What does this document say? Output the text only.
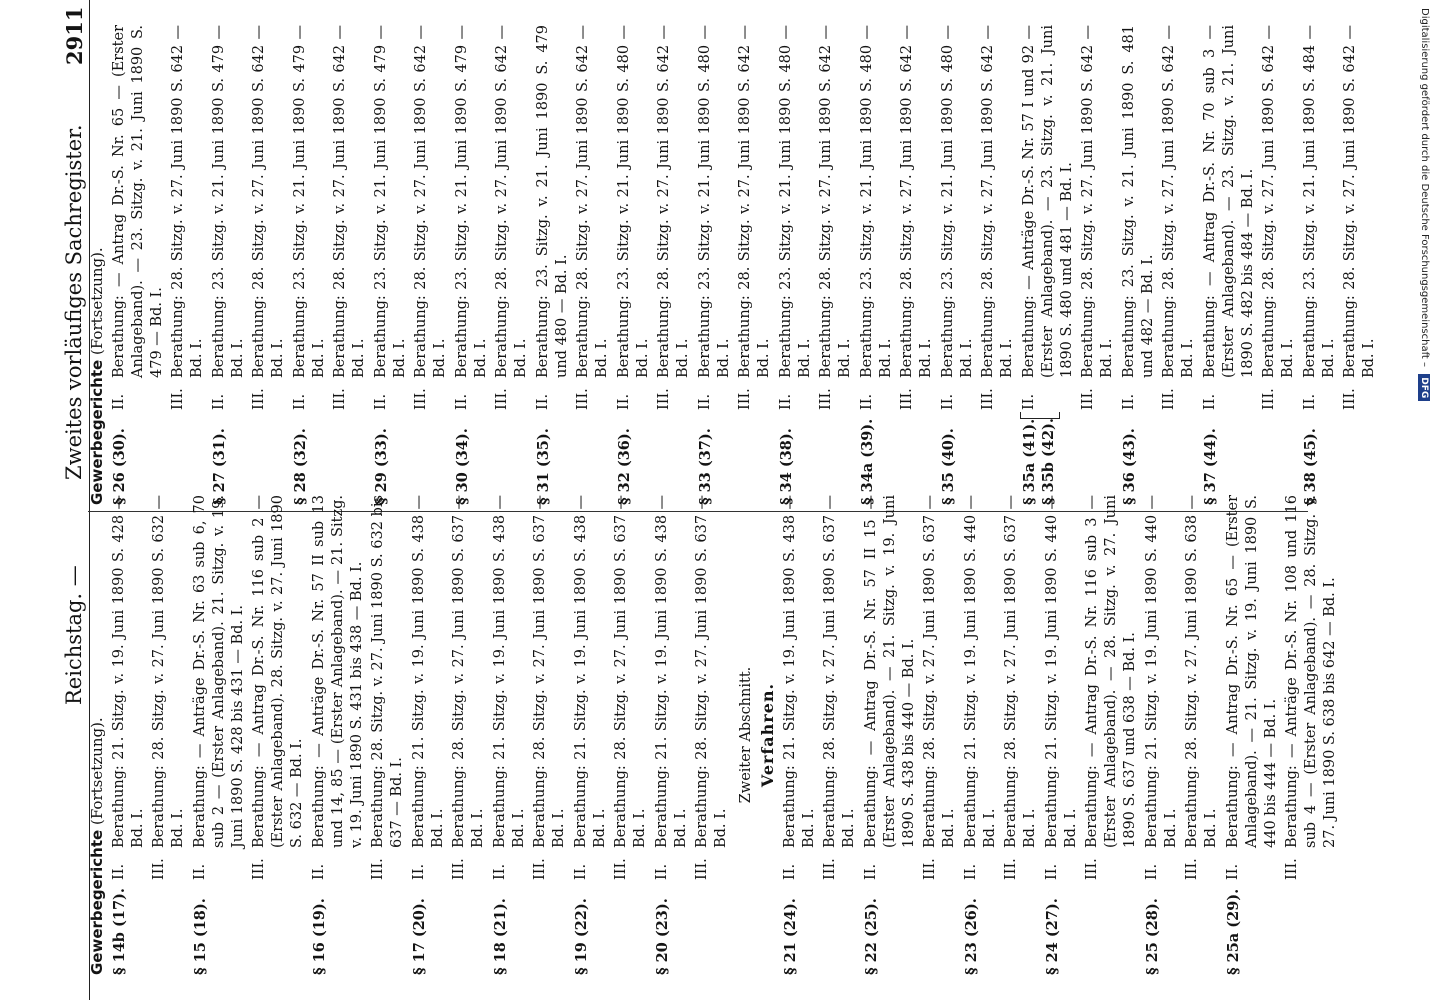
Reichstag. —
Zweites vorläufiges Sachregister.
2911
Gewerbegerichte (Fortsetzung).
§ 14b (17).
II.
Berathung: 21. Sitzg. v. 19. Juni 1890 S. 428 — Bd. I.
III.
Berathung: 28. Sitzg. v. 27. Juni 1890 S. 632 — Bd. I.
§ 15 (18).
II.
Berathung: — Anträge Dr.-S. Nr. 63 sub 6, 70 sub 2 — (Erster Anlageband). 21. Sitzg. v. 19. Juni 1890 S. 428 bis 431 — Bd. I.
III.
Berathung: — Antrag Dr.-S. Nr. 116 sub 2 — (Erster Anlageband). 28. Sitzg. v. 27. Juni 1890 S. 632 — Bd. I.
§ 16 (19).
II.
Berathung: — Anträge Dr.-S. Nr. 57 II sub 13 und 14, 85 — (Erster Anlageband). — 21. Sitzg. v. 19. Juni 1890 S. 431 bis 438 — Bd. I.
III.
Berathung: 28. Sitzg. v. 27. Juni 1890 S. 632 bis 637 — Bd. I.
§ 17 (20).
II.
Berathung: 21. Sitzg. v. 19. Juni 1890 S. 438 — Bd. I.
III.
Berathung: 28. Sitzg. v. 27. Juni 1890 S. 637 — Bd. I.
§ 18 (21).
II.
Berathung: 21. Sitzg. v. 19. Juni 1890 S. 438 — Bd. I.
III.
Berathung: 28. Sitzg. v. 27. Juni 1890 S. 637 — Bd. I.
§ 19 (22).
II.
Berathung: 21. Sitzg. v. 19. Juni 1890 S. 438 — Bd. I.
III.
Berathung: 28. Sitzg. v. 27. Juni 1890 S. 637 — Bd. I.
§ 20 (23).
II.
Berathung: 21. Sitzg. v. 19. Juni 1890 S. 438 — Bd. I.
III.
Berathung: 28. Sitzg. v. 27. Juni 1890 S. 637 — Bd. I.
Zweiter Abschnitt. Verfahren.
§ 21 (24).
II.
Berathung: 21. Sitzg. v. 19. Juni 1890 S. 438 — Bd. I.
III.
Berathung: 28. Sitzg. v. 27. Juni 1890 S. 637 — Bd. I.
§ 22 (25).
II.
Berathung: — Antrag Dr.-S. Nr. 57 II 15 — (Erster Anlageband). — 21. Sitzg. v. 19. Juni 1890 S. 438 bis 440 — Bd. I.
III.
Berathung: 28. Sitzg. v. 27. Juni 1890 S. 637 — Bd. I.
§ 23 (26).
II.
Berathung: 21. Sitzg. v. 19. Juni 1890 S. 440 — Bd. I.
III.
Berathung: 28. Sitzg. v. 27. Juni 1890 S. 637 — Bd. I.
§ 24 (27).
II.
Berathung: 21. Sitzg. v. 19. Juni 1890 S. 440 — Bd. I.
III.
Berathung: — Antrag Dr.-S. Nr. 116 sub 3 — (Erster Anlageband). — 28. Sitzg. v. 27. Juni 1890 S. 637 und 638 — Bd. I.
§ 25 (28).
II.
Berathung: 21. Sitzg. v. 19. Juni 1890 S. 440 — Bd. I.
III.
Berathung: 28. Sitzg. v. 27. Juni 1890 S. 638 — Bd. I.
§ 25a (29).
II.
Berathung: — Antrag Dr.-S. Nr. 65 — (Erster Anlageband). — 21. Sitzg. v. 19. Juni 1890 S. 440 bis 444 — Bd. I.
III.
Berathung: — Anträge Dr.-S. Nr. 108 und 116 sub 4 — (Erster Anlageband). — 28. Sitzg. v. 27. Juni 1890 S. 638 bis 642 — Bd. I.
Gewerbegerichte (Fortsetzung).
§ 26 (30).
II.
Berathung: — Antrag Dr.-S. Nr. 65 — (Erster Anlageband). — 23. Sitzg. v. 21. Juni 1890 S. 479 — Bd. I.
III.
Berathung: 28. Sitzg. v. 27. Juni 1890 S. 642 — Bd. I.
§ 27 (31).
II.
Berathung: 23. Sitzg. v. 21. Juni 1890 S. 479 — Bd. I.
III.
Berathung: 28. Sitzg. v. 27. Juni 1890 S. 642 — Bd. I.
§ 28 (32).
II.
Berathung: 23. Sitzg. v. 21. Juni 1890 S. 479 — Bd. I.
III.
Berathung: 28. Sitzg. v. 27. Juni 1890 S. 642 — Bd. I.
§ 29 (33).
II.
Berathung: 23. Sitzg. v. 21. Juni 1890 S. 479 — Bd. I.
III.
Berathung: 28. Sitzg. v. 27. Juni 1890 S. 642 — Bd. I.
§ 30 (34).
II.
Berathung: 23. Sitzg. v. 21. Juni 1890 S. 479 — Bd. I.
III.
Berathung: 28. Sitzg. v. 27. Juni 1890 S. 642 — Bd. I.
§ 31 (35).
II.
Berathung: 23. Sitzg. v. 21. Juni 1890 S. 479 und 480 — Bd. I.
III.
Berathung: 28. Sitzg. v. 27. Juni 1890 S. 642 — Bd. I.
§ 32 (36).
II.
Berathung: 23. Sitzg. v. 21. Juni 1890 S. 480 — Bd. I.
III.
Berathung: 28. Sitzg. v. 27. Juni 1890 S. 642 — Bd. I.
§ 33 (37).
II.
Berathung: 23. Sitzg. v. 21. Juni 1890 S. 480 — Bd. I.
III.
Berathung: 28. Sitzg. v. 27. Juni 1890 S. 642 — Bd. I.
§ 34 (38).
II.
Berathung: 23. Sitzg. v. 21. Juni 1890 S. 480 — Bd. I.
III.
Berathung: 28. Sitzg. v. 27. Juni 1890 S. 642 — Bd. I.
§ 34a (39).
II.
Berathung: 23. Sitzg. v. 21. Juni 1890 S. 480 — Bd. I.
III.
Berathung: 28. Sitzg. v. 27. Juni 1890 S. 642 — Bd. I.
§ 35 (40).
II.
Berathung: 23. Sitzg. v. 21. Juni 1890 S. 480 — Bd. I.
III.
Berathung: 28. Sitzg. v. 27. Juni 1890 S. 642 — Bd. I.
§ 35a (41). § 35b (42).
II.
Berathung: — Anträge Dr.-S. Nr. 57 I und 92 — (Erster Anlageband). — 23. Sitzg. v. 21. Juni 1890 S. 480 und 481 — Bd. I.
III.
Berathung: 28. Sitzg. v. 27. Juni 1890 S. 642 — Bd. I.
§ 36 (43).
II.
Berathung: 23. Sitzg. v. 21. Juni 1890 S. 481 und 482 — Bd. I.
III.
Berathung: 28. Sitzg. v. 27. Juni 1890 S. 642 — Bd. I.
§ 37 (44).
II.
Berathung: — Antrag Dr.-S. Nr. 70 sub 3 — (Erster Anlageband). — 23. Sitzg. v. 21. Juni 1890 S. 482 bis 484 — Bd. I.
III.
Berathung: 28. Sitzg. v. 27. Juni 1890 S. 642 — Bd. I.
§ 38 (45).
II.
Berathung: 23. Sitzg. v. 21. Juni 1890 S. 484 — Bd. I.
III.
Berathung: 28. Sitzg. v. 27. Juni 1890 S. 642 — Bd. I.	Digitalisierung gefördert durch die Deutsche Forschungsgemeinschaft – DFG
